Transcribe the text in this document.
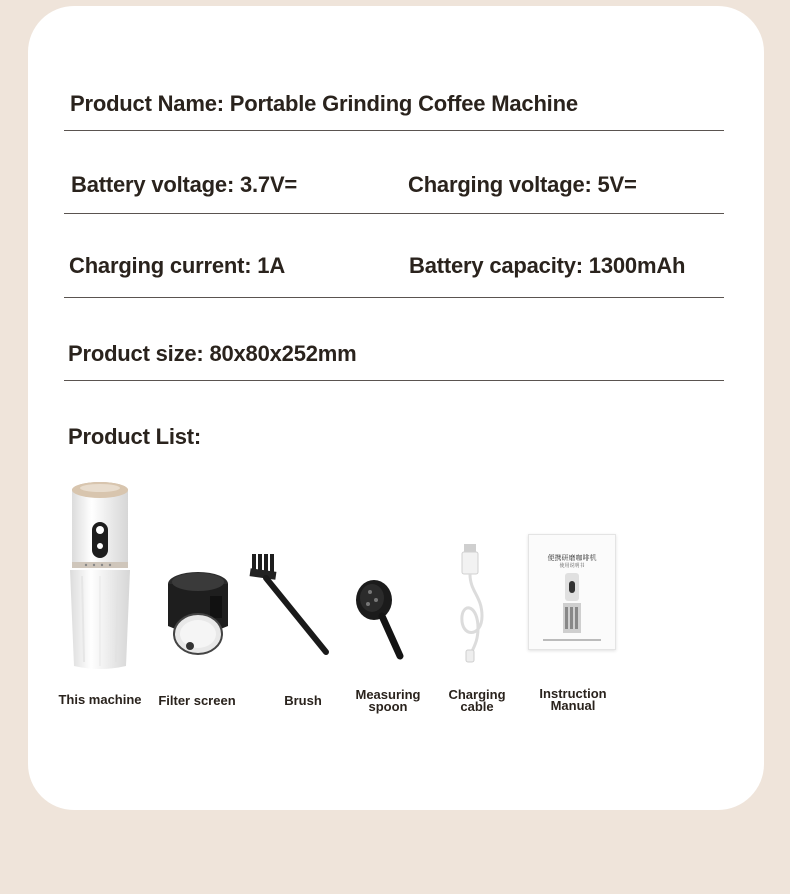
Product Name: Portable Grinding Coffee Machine
Battery voltage: 3.7V=	Charging voltage: 5V=
Charging current: 1A	Battery capacity: 1300mAh
Product size: 80x80x252mm
Product List:
便携研磨咖啡机
使用说明书
This machine	Filter screen	Brush	Measuring
spoon
Charging
cable
Instruction
Manual
